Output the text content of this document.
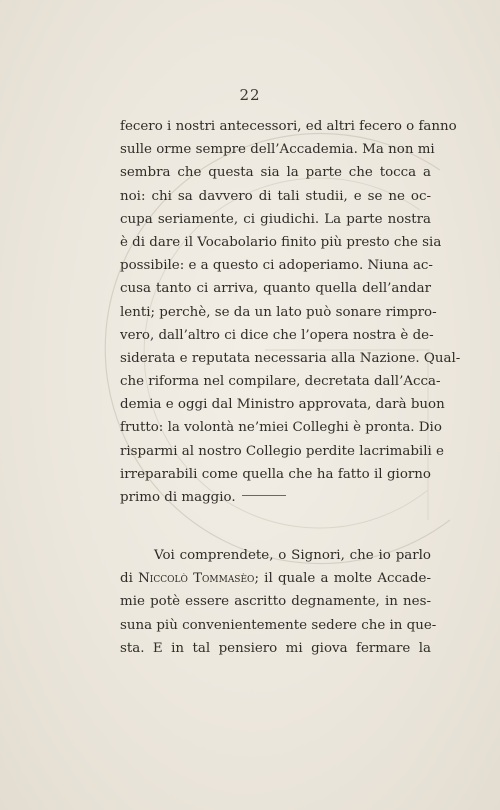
22
fecero i nostri antecessori, ed altri fecero o fanno
sulle orme sempre dell’Accademia. Ma non mi
sembra che questa sia la parte che tocca a
noi: chi sa davvero di tali studii, e se ne oc-
cupa seriamente, ci giudichi. La parte nostra
è di dare il Vocabolario finito più presto che sia
possibile: e a questo ci adoperiamo. Niuna ac-
cusa tanto ci arriva, quanto quella dell’andar
lenti; perchè, se da un lato può sonare rimpro-
vero, dall’altro ci dice che l’opera nostra è de-
siderata e reputata necessaria alla Nazione. Qual-
che riforma nel compilare, decretata dall’Acca-
demia e oggi dal Ministro approvata, darà buon
frutto: la volontà ne’miei Colleghi è pronta. Dio
risparmi al nostro Collegio perdite lacrimabili e
irreparabili come quella che ha fatto il giorno
primo di maggio.
Voi comprendete, o Signori, che io parlo
di Niccolò Tommasèo; il quale a molte Accade-
mie potè essere ascritto degnamente, in nes-
suna più convenientemente sedere che in que-
sta. E in tal pensiero mi giova fermare la
